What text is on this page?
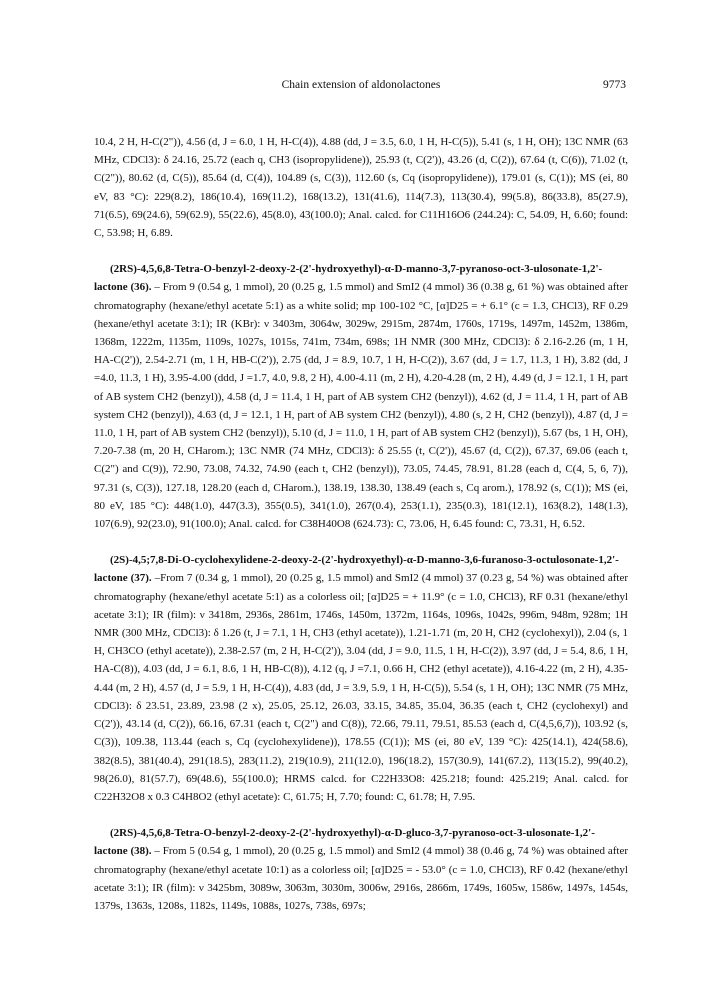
Chain extension of aldonolactones	9773

10.4, 2 H, H-C(2")), 4.56 (d, J = 6.0, 1 H, H-C(4)), 4.88 (dd, J = 3.5, 6.0, 1 H, H-C(5)), 5.41 (s, 1 H, OH); 13C NMR (63 MHz, CDCl3): δ 24.16, 25.72 (each q, CH3 (isopropylidene)), 25.93 (t, C(2')), 43.26 (d, C(2)), 67.64 (t, C(6)), 71.02 (t, C(2")), 80.62 (d, C(5)), 85.64 (d, C(4)), 104.89 (s, C(3)), 112.60 (s, Cq (isopropylidene)), 179.01 (s, C(1)); MS (ei, 80 eV, 83 °C): 229(8.2), 186(10.4), 169(11.2), 168(13.2), 131(41.6), 114(7.3), 113(30.4), 99(5.8), 86(33.8), 85(27.9), 71(6.5), 69(24.6), 59(62.9), 55(22.6), 45(8.0), 43(100.0); Anal. calcd. for C11H16O6 (244.24): C, 54.09, H, 6.60; found: C, 53.98; H, 6.89.

(2RS)-4,5,6,8-Tetra-O-benzyl-2-deoxy-2-(2'-hydroxyethyl)-α-D-manno-3,7-pyranoso-oct-3-ulosonate-1,2'-lactone (36). – From 9 (0.54 g, 1 mmol), 20 (0.25 g, 1.5 mmol) and SmI2 (4 mmol) 36 (0.38 g, 61 %) was obtained after chromatography (hexane/ethyl acetate 5:1) as a white solid; mp 100-102 °C, [α]D25 = + 6.1° (c = 1.3, CHCl3), RF 0.29 (hexane/ethyl acetate 3:1); IR (KBr): ν 3403m, 3064w, 3029w, 2915m, 2874m, 1760s, 1719s, 1497m, 1452m, 1386m, 1368m, 1222m, 1135m, 1109s, 1027s, 1015s, 741m, 734m, 698s; 1H NMR (300 MHz, CDCl3): δ 2.16-2.26 (m, 1 H, HA-C(2')), 2.54-2.71 (m, 1 H, HB-C(2')), 2.75 (dd, J = 8.9, 10.7, 1 H, H-C(2)), 3.67 (dd, J = 1.7, 11.3, 1 H), 3.82 (dd, J =4.0, 11.3, 1 H), 3.95-4.00 (ddd, J =1.7, 4.0, 9.8, 2 H), 4.00-4.11 (m, 2 H), 4.20-4.28 (m, 2 H), 4.49 (d, J = 12.1, 1 H, part of AB system CH2 (benzyl)), 4.58 (d, J = 11.4, 1 H, part of AB system CH2 (benzyl)), 4.62 (d, J = 11.4, 1 H, part of AB system CH2 (benzyl)), 4.63 (d, J = 12.1, 1 H, part of AB system CH2 (benzyl)), 4.80 (s, 2 H, CH2 (benzyl)), 4.87 (d, J = 11.0, 1 H, part of AB system CH2 (benzyl)), 5.10 (d, J = 11.0, 1 H, part of AB system CH2 (benzyl)), 5.67 (bs, 1 H, OH), 7.20-7.38 (m, 20 H, CHarom.); 13C NMR (74 MHz, CDCl3): δ 25.55 (t, C(2')), 45.67 (d, C(2)), 67.37, 69.06 (each t, C(2") and C(9)), 72.90, 73.08, 74.32, 74.90 (each t, CH2 (benzyl)), 73.05, 74.45, 78.91, 81.28 (each d, C(4, 5, 6, 7)), 97.31 (s, C(3)), 127.18, 128.20 (each d, CHarom.), 138.19, 138.30, 138.49 (each s, Cq arom.), 178.92 (s, C(1)); MS (ei, 80 eV, 185 °C): 448(1.0), 447(3.3), 355(0.5), 341(1.0), 267(0.4), 253(1.1), 235(0.3), 181(12.1), 163(8.2), 148(1.3), 107(6.9), 92(23.0), 91(100.0); Anal. calcd. for C38H40O8 (624.73): C, 73.06, H, 6.45 found: C, 73.31, H, 6.52.

(2S)-4,5;7,8-Di-O-cyclohexylidene-2-deoxy-2-(2'-hydroxyethyl)-α-D-manno-3,6-furanoso-3-octulosonate-1,2'-lactone (37). –From 7 (0.34 g, 1 mmol), 20 (0.25 g, 1.5 mmol) and SmI2 (4 mmol) 37 (0.23 g, 54 %) was obtained after chromatography (hexane/ethyl acetate 5:1) as a colorless oil; [α]D25 = + 11.9° (c = 1.0, CHCl3), RF 0.31 (hexane/ethyl acetate 3:1); IR (film): ν 3418m, 2936s, 2861m, 1746s, 1450m, 1372m, 1164s, 1096s, 1042s, 996m, 948m, 928m; 1H NMR (300 MHz, CDCl3): δ 1.26 (t, J = 7.1, 1 H, CH3 (ethyl acetate)), 1.21-1.71 (m, 20 H, CH2 (cyclohexyl)), 2.04 (s, 1 H, CH3CO (ethyl acetate)), 2.38-2.57 (m, 2 H, H-C(2')), 3.04 (dd, J = 9.0, 11.5, 1 H, H-C(2)), 3.97 (dd, J = 5.4, 8.6, 1 H, HA-C(8)), 4.03 (dd, J = 6.1, 8.6, 1 H, HB-C(8)), 4.12 (q, J =7.1, 0.66 H, CH2 (ethyl acetate)), 4.16-4.22 (m, 2 H), 4.35-4.44 (m, 2 H), 4.57 (d, J = 5.9, 1 H, H-C(4)), 4.83 (dd, J = 3.9, 5.9, 1 H, H-C(5)), 5.54 (s, 1 H, OH); 13C NMR (75 MHz, CDCl3): δ 23.51, 23.89, 23.98 (2 x), 25.05, 25.12, 26.03, 33.15, 34.85, 35.04, 36.35 (each t, CH2 (cyclohexyl) and C(2')), 43.14 (d, C(2)), 66.16, 67.31 (each t, C(2") and C(8)), 72.66, 79.11, 79.51, 85.53 (each d, C(4,5,6,7)), 103.92 (s, C(3)), 109.38, 113.44 (each s, Cq (cyclohexylidene)), 178.55 (C(1)); MS (ei, 80 eV, 139 °C): 425(14.1), 424(58.6), 382(8.5), 381(40.4), 291(18.5), 283(11.2), 219(10.9), 211(12.0), 196(18.2), 157(30.9), 141(67.2), 113(15.2), 99(40.2), 98(26.0), 81(57.7), 69(48.6), 55(100.0); HRMS calcd. for C22H33O8: 425.218; found: 425.219; Anal. calcd. for C22H32O8 x 0.3 C4H8O2 (ethyl acetate): C, 61.75; H, 7.70; found: C, 61.78; H, 7.95.

(2RS)-4,5,6,8-Tetra-O-benzyl-2-deoxy-2-(2'-hydroxyethyl)-α-D-gluco-3,7-pyranoso-oct-3-ulosonate-1,2'-lactone (38). – From 5 (0.54 g, 1 mmol), 20 (0.25 g, 1.5 mmol) and SmI2 (4 mmol) 38 (0.46 g, 74 %) was obtained after chromatography (hexane/ethyl acetate 10:1) as a colorless oil; [α]D25 = - 53.0° (c = 1.0, CHCl3), RF 0.42 (hexane/ethyl acetate 3:1); IR (film): ν 3425bm, 3089w, 3063m, 3030m, 3006w, 2916s, 2866m, 1749s, 1605w, 1586w, 1497s, 1454s, 1379s, 1363s, 1208s, 1182s, 1149s, 1088s, 1027s, 738s, 697s;
